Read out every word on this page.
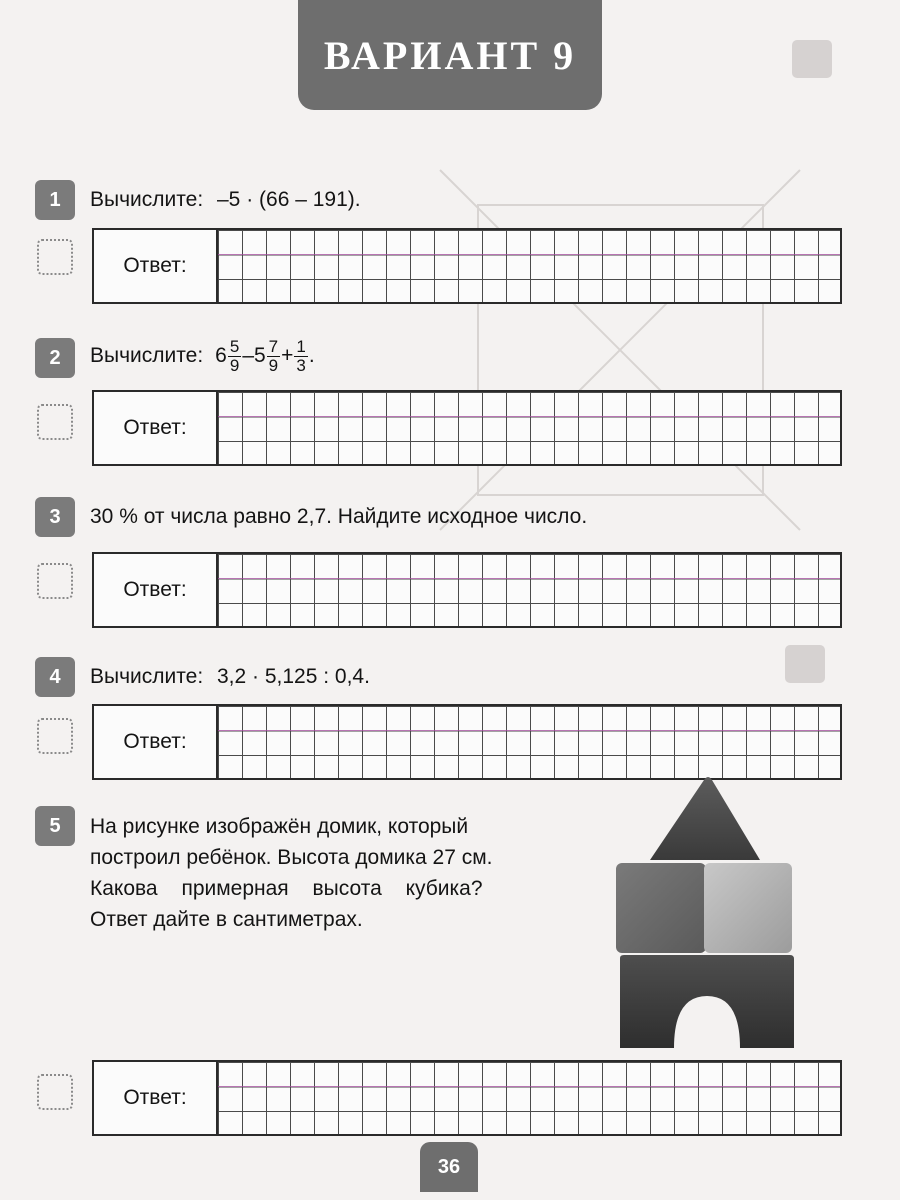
ВАРИАНТ 9
1	Вычислите: –5 · (66 – 191).
Ответ:
2	Вычислите: $6 \frac{5}{9} -5 \frac{7}{9} + \frac{1}{3}$ .
Ответ:
3	30 % от числа равно 2,7. Найдите исходное число.
Ответ:
4	Вычислите: 3,2 · 5,125 : 0,4.
Ответ:
5	На рисунке изображён домик, который
построил ребёнок. Высота домика 27 см.
Какова примерная высота кубика?
Ответ дайте в сантиметрах.
Ответ:
36
